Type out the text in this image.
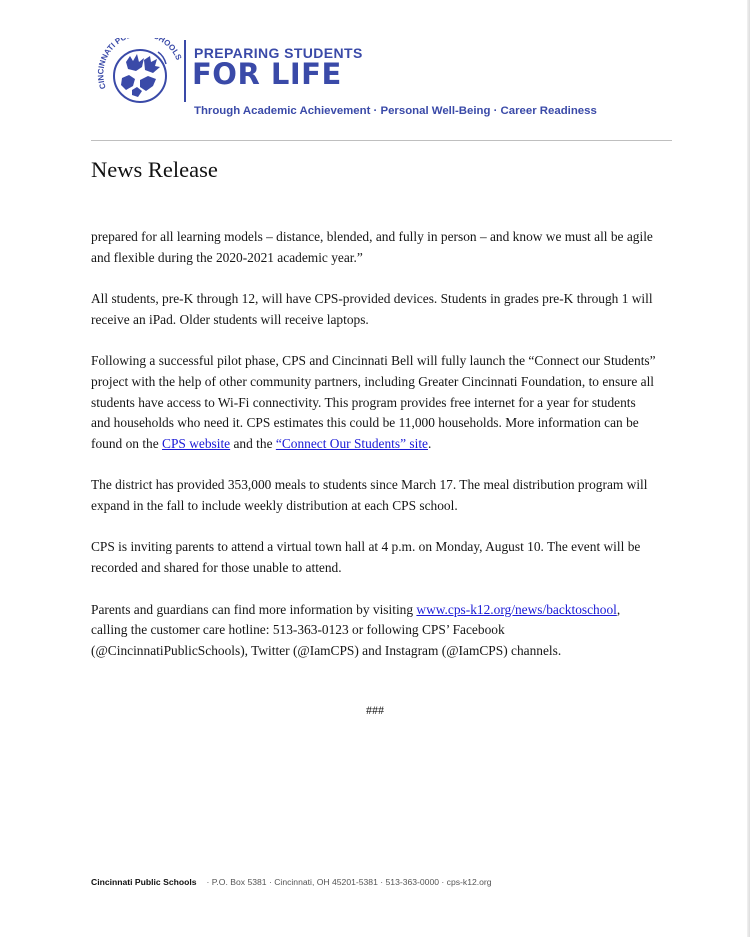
CINCINNATI P HOOLS PREPARING STUDENTS
FOR LIFE
Through Academic Achievement · Personal Well-Being · Career Readiness
News Release

prepared for all learning models – distance, blended, and fully in person – and know we must all be agile and flexible during the 2020-2021 academic year.”

All students, pre-K through 12, will have CPS-provided devices. Students in grades pre-K through 1 will receive an iPad. Older students will receive laptops.

Following a successful pilot phase, CPS and Cincinnati Bell will fully launch the “Connect our Students” project with the help of other community partners, including Greater Cincinnati Foundation, to ensure all students have access to Wi-Fi connectivity. This program provides free internet for a year for students and households who need it. CPS estimates this could be 11,000 households. More information can be found on the CPS website and the “Connect Our Students” site.

The district has provided 353,000 meals to students since March 17. The meal distribution program will expand in the fall to include weekly distribution at each CPS school.

CPS is inviting parents to attend a virtual town hall at 4 p.m. on Monday, August 10. The event will be recorded and shared for those unable to attend.

Parents and guardians can find more information by visiting www.cps-k12.org/news/backtoschool, calling the customer care hotline: 513-363-0123 or following CPS’ Facebook (@CincinnatiPublicSchools), Twitter (@IamCPS) and Instagram (@IamCPS) channels.

###
Cincinnati Public Schools · P.O. Box 5381 · Cincinnati, OH 45201-5381 · 513-363-0000 · cps-k12.org
